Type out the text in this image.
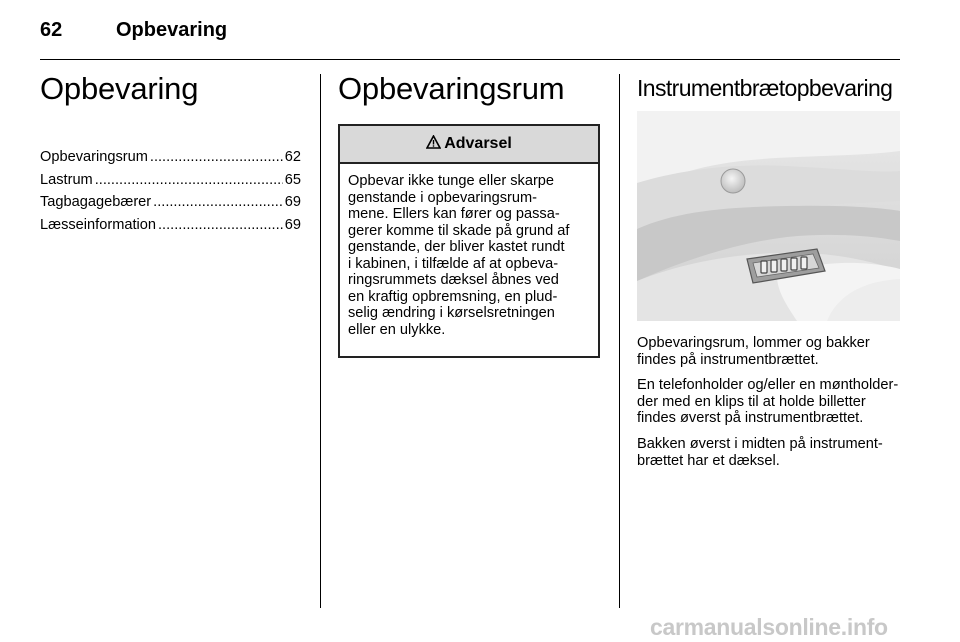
62	Opbevaring
Opbevaring
Opbevaringsrum .....	62
Lastrum .....	65
Tagbagagebærer .....	69
Læsseinformation .....	69
Opbevaringsrum
Advarsel
Opbevar ikke tunge eller skarpe
genstande i opbevaringsrum-
mene. Ellers kan fører og passa-
gerer komme til skade på grund af
genstande, der bliver kastet rundt
i kabinen, i tilfælde af at opbeva-
ringsrummets dæksel åbnes ved
en kraftig opbremsning, en plud-
selig ændring i kørselsretningen
eller en ulykke.
Instrumentbrætopbevaring
Opbevaringsrum, lommer og bakker
findes på instrumentbrættet.
En telefonholder og/eller en møntholder-
der med en klips til at holde billetter
findes øverst på instrumentbrættet.
Bakken øverst i midten på instrument-
brættet har et dæksel.
carmanualsonline.info
